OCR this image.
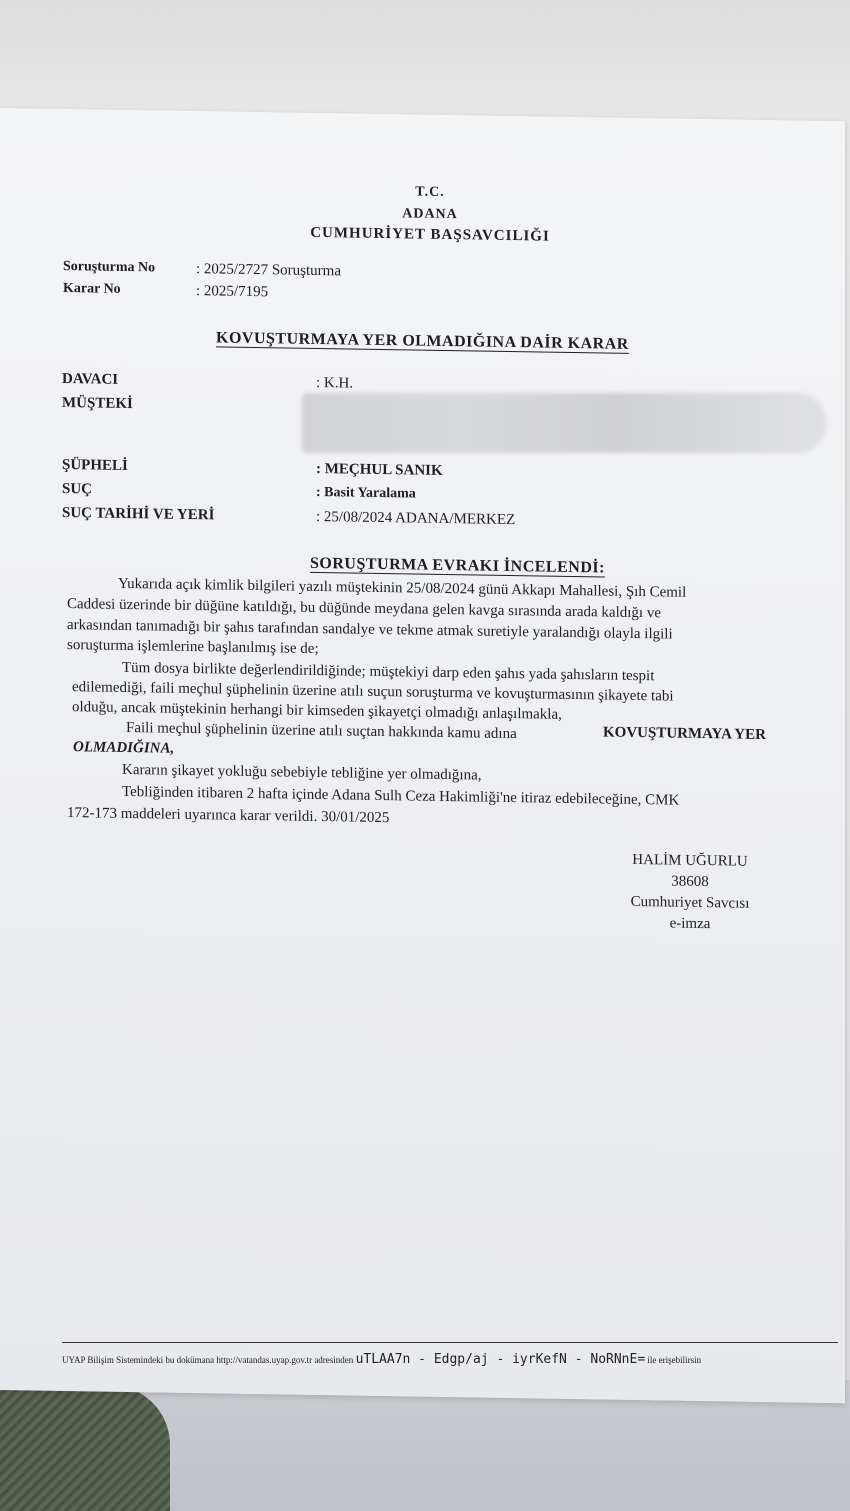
T.C.
ADANA
CUMHURİYET BAŞSAVCILIĞI
Soruşturma No	: 2025/2727 Soruşturma
Karar No	: 2025/7195
KOVUŞTURMAYA YER OLMADIĞINA DAİR KARAR
DAVACI	: K.H.
MÜŞTEKİ
ŞÜPHELİ	: MEÇHUL SANIK
SUÇ	: Basit Yaralama
SUÇ TARİHİ VE YERİ	: 25/08/2024 ADANA/MERKEZ
SORUŞTURMA EVRAKI İNCELENDİ:
Yukarıda açık kimlik bilgileri yazılı müştekinin 25/08/2024 günü Akkapı Mahallesi, Şıh Cemil
Caddesi üzerinde bir düğüne katıldığı, bu düğünde meydana gelen kavga sırasında arada kaldığı ve
arkasından tanımadığı bir şahıs tarafından sandalye ve tekme atmak suretiyle yaralandığı olayla ilgili
soruşturma işlemlerine başlanılmış ise de;
Tüm dosya birlikte değerlendirildiğinde; müştekiyi darp eden şahıs yada şahısların tespit
edilemediği, faili meçhul şüphelinin üzerine atılı suçun soruşturma ve kovuşturmasının şikayete tabi
olduğu, ancak müştekinin herhangi bir kimseden şikayetçi olmadığı anlaşılmakla,
Faili meçhul şüphelinin üzerine atılı suçtan hakkında kamu adına	KOVUŞTURMAYA YER
OLMADIĞINA,
Kararın şikayet yokluğu sebebiyle tebliğine yer olmadığına,
Tebliğinden itibaren 2 hafta içinde Adana Sulh Ceza Hakimliği'ne itiraz edebileceğine, CMK
172-173 maddeleri uyarınca karar verildi. 30/01/2025
HALİM UĞURLU
38608
Cumhuriyet Savcısı
e-imza
UYAP Bilişim Sistemindeki bu dokümana http://vatandas.uyap.gov.tr adresinden uTLAA7n - Edgp/aj - iyrKefN - NoRNnE= ile erişebilirsin
